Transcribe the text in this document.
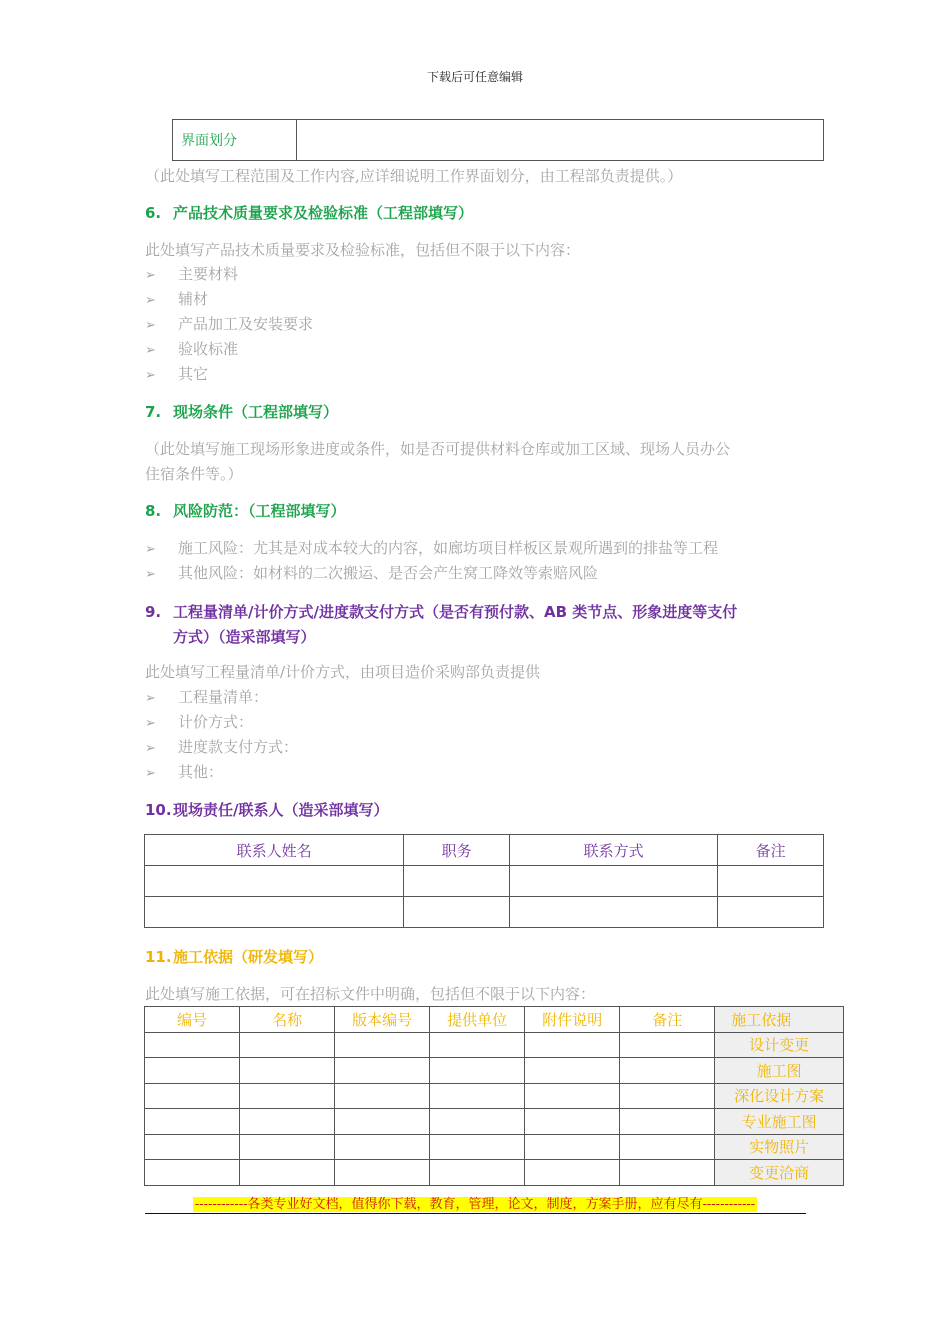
下载后可任意编辑
界面划分	
（此处填写工程范围及工作内容,应详细说明工作界面划分，由工程部负责提供。）
6. 产品技术质量要求及检验标准（工程部填写）
此处填写产品技术质量要求及检验标准，包括但不限于以下内容：
➢ 主要材料
➢ 辅材
➢ 产品加工及安装要求
➢ 验收标准
➢ 其它
7. 现场条件（工程部填写）
（此处填写施工现场形象进度或条件，如是否可提供材料仓库或加工区域、现场人员办公
住宿条件等。）
8. 风险防范：（工程部填写）
➢ 施工风险：尤其是对成本较大的内容，如廊坊项目样板区景观所遇到的排盐等工程
➢ 其他风险：如材料的二次搬运、是否会产生窝工降效等索赔风险
9. 工程量清单/计价方式/进度款支付方式（是否有预付款、AB 类节点、形象进度等支付
方式）（造采部填写）
此处填写工程量清单/计价方式，由项目造价采购部负责提供
➢ 工程量清单：
➢ 计价方式：
➢ 进度款支付方式：
➢ 其他：
10.现场责任/联系人（造采部填写）
联系人姓名	职务	联系方式	备注

11.施工依据（研发填写）
此处填写施工依据，可在招标文件中明确，包括但不限于以下内容：
编号	名称	版本编号	提供单位	附件说明	备注	施工依据
						设计变更
						施工图
						深化设计方案
						专业施工图
						实物照片
						变更洽商
------------各类专业好文档，值得你下载，教育，管理，论文，制度，方案手册，应有尽有------------
